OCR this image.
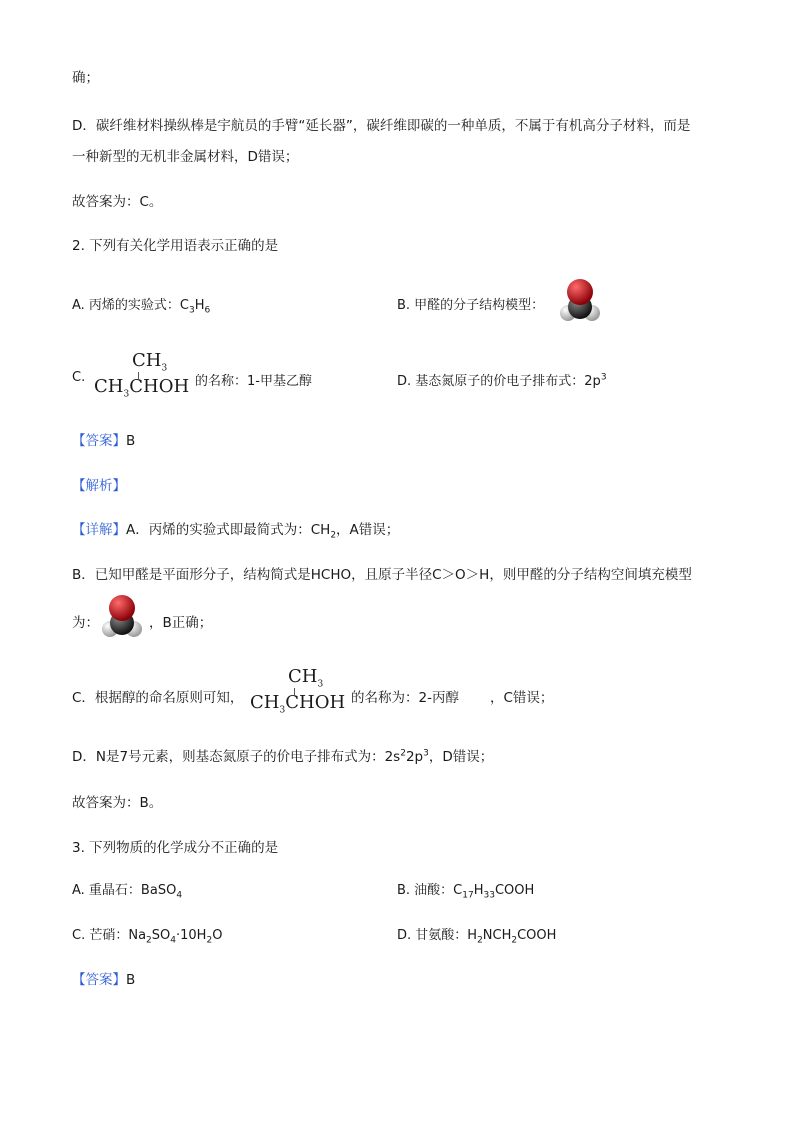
确；
D．碳纤维材料操纵棒是宇航员的手臂“延长器”，碳纤维即碳的一种单质，不属于有机高分子材料，而是
一种新型的无机非金属材料，D错误；
故答案为：C。
2. 下列有关化学用语表示正确的是
A. 丙烯的实验式：$C_3H_6$	B. 甲醛的分子结构模型：
C.
$CH_3$
$CH_3CHOH$ 的名称：1-甲基乙醇	D. 基态氮原子的价电子排布式：$2p^3$
【答案】B
【解析】
【详解】A．丙烯的实验式即最简式为：$CH_2$，A错误；
B．已知甲醛是平面形分子，结构简式是HCHO，且原子半径C＞O＞H，则甲醛的分子结构空间填充模型
为：	，B正确；
C．根据醇的命名原则可知，
$CH_3$
$CH_3CHOH$ 的名称为：2-丙醇 ，C错误；
D．N是7号元素，则基态氮原子的价电子排布式为：$2s^22p^3$，D错误；
故答案为：B。
3. 下列物质的化学成分不正确的是
A. 重晶石：BaSO$_4$	B. 油酸：$C_{17}H_{33}COOH$
C. 芒硝：$Na_2SO_4\cdot 10H_2O$	D. 甘氨酸：$H_2NCH_2COOH$
【答案】B
